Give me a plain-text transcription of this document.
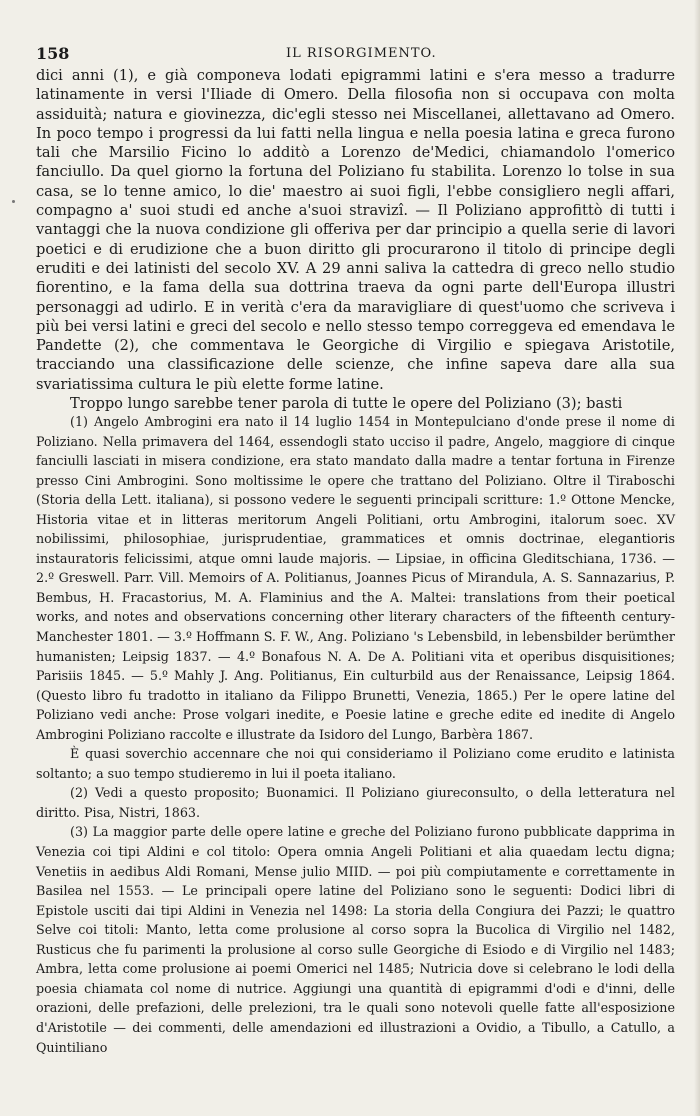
158	IL RISORGIMENTO.

dici anni (1), e già componeva lodati epigrammi latini e s'era messo a tradurre latinamente in versi l'Iliade di Omero. Della filosofia non si occupava con molta assiduità; natura e giovinezza, dic'egli stesso nei Miscellanei, allettavano ad Omero. In poco tempo i progressi da lui fatti nella lingua e nella poesia latina e greca furono tali che Marsilio Ficino lo additò a Lorenzo de'Medici, chiamandolo l'omerico fanciullo. Da quel giorno la fortuna del Poliziano fu stabilita. Lorenzo lo tolse in sua casa, se lo tenne amico, lo die' maestro ai suoi figli, l'ebbe consigliero negli affari, compagno a' suoi studi ed anche a'suoi stravizî. — Il Poliziano approfittò di tutti i vantaggi che la nuova condizione gli offeriva per dar principio a quella serie di lavori poetici e di erudizione che a buon diritto gli procurarono il titolo di principe degli eruditi e dei latinisti del secolo XV. A 29 anni saliva la cattedra di greco nello studio fiorentino, e la fama della sua dottrina traeva da ogni parte dell'Europa illustri personaggi ad udirlo. E in verità c'era da maravigliare di quest'uomo che scriveva i più bei versi latini e greci del secolo e nello stesso tempo correggeva ed emendava le Pandette (2), che commentava le Georgiche di Virgilio e spiegava Aristotile, tracciando una classificazione delle scienze, che infine sapeva dare alla sua svariatissima cultura le più elette forme latine.

Troppo lungo sarebbe tener parola di tutte le opere del Poliziano (3); basti

(1) Angelo Ambrogini era nato il 14 luglio 1454 in Montepulciano d'onde prese il nome di Poliziano. Nella primavera del 1464, essendogli stato ucciso il padre, Angelo, maggiore di cinque fanciulli lasciati in misera condizione, era stato mandato dalla madre a tentar fortuna in Firenze presso Cini Ambrogini. Sono moltissime le opere che trattano del Poliziano. Oltre il Tiraboschi (Storia della Lett. italiana), si possono vedere le seguenti principali scritture: 1.º Ottone Mencke, Historia vitae et in litteras meritorum Angeli Politiani, ortu Ambrogini, italorum soec. XV nobilissimi, philosophiae, jurisprudentiae, grammatices et omnis doctrinae, elegantioris instauratoris felicissimi, atque omni laude majoris. — Lipsiae, in officina Gleditschiana, 1736. — 2.º Greswell. Parr. Vill. Memoirs of A. Politianus, Joannes Picus of Mirandula, A. S. Sannazarius, P. Bembus, H. Fracastorius, M. A. Flaminius and the A. Maltei: translations from their poetical works, and notes and observations concerning other literary characters of the fifteenth century- Manchester 1801. — 3.º Hoffmann S. F. W., Ang. Poliziano 's Lebensbild, in lebensbilder berümther humanisten; Leipsig 1837. — 4.º Bonafous N. A. De A. Politiani vita et operibus disquisitiones; Parisiis 1845. — 5.º Mahly J. Ang. Politianus, Ein culturbild aus der Renaissance, Leipsig 1864. (Questo libro fu tradotto in italiano da Filippo Brunetti, Venezia, 1865.) Per le opere latine del Poliziano vedi anche: Prose volgari inedite, e Poesie latine e greche edite ed inedite di Angelo Ambrogini Poliziano raccolte e illustrate da Isidoro del Lungo, Barbèra 1867.

È quasi soverchio accennare che noi qui consideriamo il Poliziano come erudito e latinista soltanto; a suo tempo studieremo in lui il poeta italiano.

(2) Vedi a questo proposito; Buonamici. Il Poliziano giureconsulto, o della letteratura nel diritto. Pisa, Nistri, 1863.

(3) La maggior parte delle opere latine e greche del Poliziano furono pubblicate dapprima in Venezia coi tipi Aldini e col titolo: Opera omnia Angeli Politiani et alia quaedam lectu digna; Venetiis in aedibus Aldi Romani, Mense julio MIID. — poi più compiutamente e correttamente in Basilea nel 1553. — Le principali opere latine del Poliziano sono le seguenti: Dodici libri di Epistole usciti dai tipi Aldini in Venezia nel 1498: La storia della Congiura dei Pazzi; le quattro Selve coi titoli: Manto, letta come prolusione al corso sopra la Bucolica di Virgilio nel 1482, Rusticus che fu parimenti la prolusione al corso sulle Georgiche di Esiodo e di Virgilio nel 1483; Ambra, letta come prolusione ai poemi Omerici nel 1485; Nutricia dove si celebrano le lodi della poesia chiamata col nome di nutrice. Aggiungi una quantità di epigrammi d'odi e d'inni, delle orazioni, delle prefazioni, delle prelezioni, tra le quali sono notevoli quelle fatte all'esposizione d'Aristotile — dei commenti, delle amendazioni ed illustrazioni a Ovidio, a Tibullo, a Catullo, a Quintiliano
